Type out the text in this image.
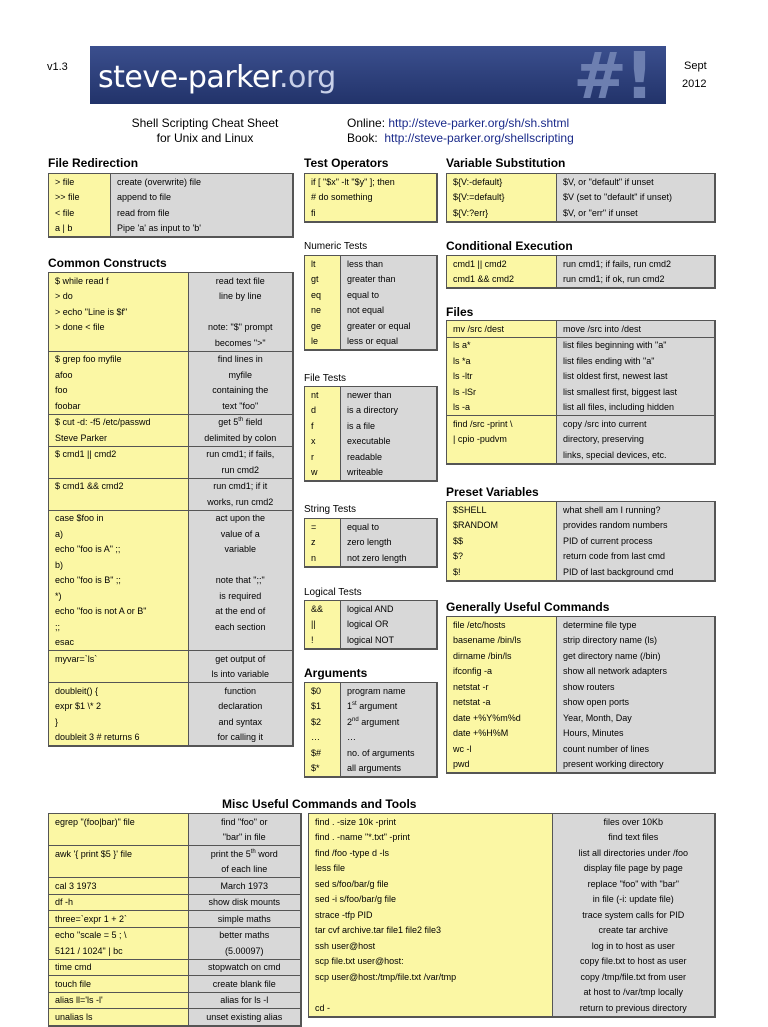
v1.3	Sept
2012
steve-parker.org	#!
Shell Scripting Cheat Sheet
for Unix and Linux
Online: http://steve-parker.org/sh/sh.shtml
Book: http://steve-parker.org/shellscripting
File Redirection
Common Constructs
Test Operators
Numeric Tests
File Tests
String Tests
Logical Tests
Arguments
Variable Substitution
Conditional Execution
Files
Preset Variables
Generally Useful Commands
Misc Useful Commands and Tools
> file	create (overwrite) file
>> file	append to file
< file	read from file
a | b	Pipe 'a' as input to 'b'
$ while read f	read text file
> do	line by line
> echo "Line is $f"	
> done < file	note: "$" prompt
	becomes ">"
$ grep foo myfile	find lines in
afoo	myfile
foo	containing the
foobar	text "foo"
$ cut -d: -f5 /etc/passwd	get 5th field
Steve Parker	delimited by colon
$ cmd1 || cmd2	run cmd1; if fails,
	run cmd2
$ cmd1 && cmd2	run cmd1; if it
	works, run cmd2
case $foo in	act upon the
a)	value of a
echo "foo is A" ;;	variable
b)	
echo "foo is B" ;;	note that ";;"
*)	is required
echo "foo is not A or B"	at the end of
;;	each section
esac	
myvar=`ls`	get output of
	ls into variable
doubleit() {	function
expr $1 \* 2	declaration
}	and syntax
doubleit 3 # returns 6	for calling it
if [ "$x" -lt "$y" ]; then
# do something
fi
lt	less than
gt	greater than
eq	equal to
ne	not equal
ge	greater or equal
le	less or equal
nt	newer than
d	is a directory
f	is a file
x	executable
r	readable
w	writeable
=	equal to
z	zero length
n	not zero length
&&	logical AND
||	logical OR
!	logical NOT
$0	program name
$1	1st argument
$2	2nd argument
…	…
$#	no. of arguments
$*	all arguments
${V:-default}	$V, or "default" if unset
${V:=default}	$V (set to "default" if unset)
${V:?err}	$V, or "err" if unset
cmd1 || cmd2	run cmd1; if fails, run cmd2
cmd1 && cmd2	run cmd1; if ok, run cmd2
mv /src /dest	move /src into /dest
ls a*	list files beginning with "a"
ls *a	list files ending with "a"
ls -ltr	list oldest first, newest last
ls -lSr	list smallest first, biggest last
ls -a	list all files, including hidden
find /src -print \	copy /src into current
| cpio -pudvm	directory, preserving
	links, special devices, etc.
$SHELL	what shell am I running?
$RANDOM	provides random numbers
$$	PID of current process
$?	return code from last cmd
$!	PID of last background cmd
file /etc/hosts	determine file type
basename /bin/ls	strip directory name (ls)
dirname /bin/ls	get directory name (/bin)
ifconfig -a	show all network adapters
netstat -r	show routers
netstat -a	show open ports
date +%Y%m%d	Year, Month, Day
date +%H%M	Hours, Minutes
wc -l	count number of lines
pwd	present working directory
egrep "(foo|bar)" file	find "foo" or
	"bar" in file
awk '{ print $5 }' file	print the 5th word
	of each line
cal 3 1973	March 1973
df -h	show disk mounts
three=`expr 1 + 2`	simple maths
echo "scale = 5 ; \	better maths
5121 / 1024" | bc	(5.00097)
time cmd	stopwatch on cmd
touch file	create blank file
alias ll='ls -l'	alias for ls -l
unalias ls	unset existing alias
find . -size 10k -print	files over 10Kb
find . -name "*.txt" -print	find text files
find /foo -type d -ls	list all directories under /foo
less file	display file page by page
sed s/foo/bar/g file	replace "foo" with "bar"
sed -i s/foo/bar/g file	in file (-i: update file)
strace -tfp PID	trace system calls for PID
tar cvf archive.tar file1 file2 file3	create tar archive
ssh user@host	log in to host as user
scp file.txt user@host:	copy file.txt to host as user
scp user@host:/tmp/file.txt /var/tmp	copy /tmp/file.txt from user
	at host to /var/tmp locally
cd -	return to previous directory
